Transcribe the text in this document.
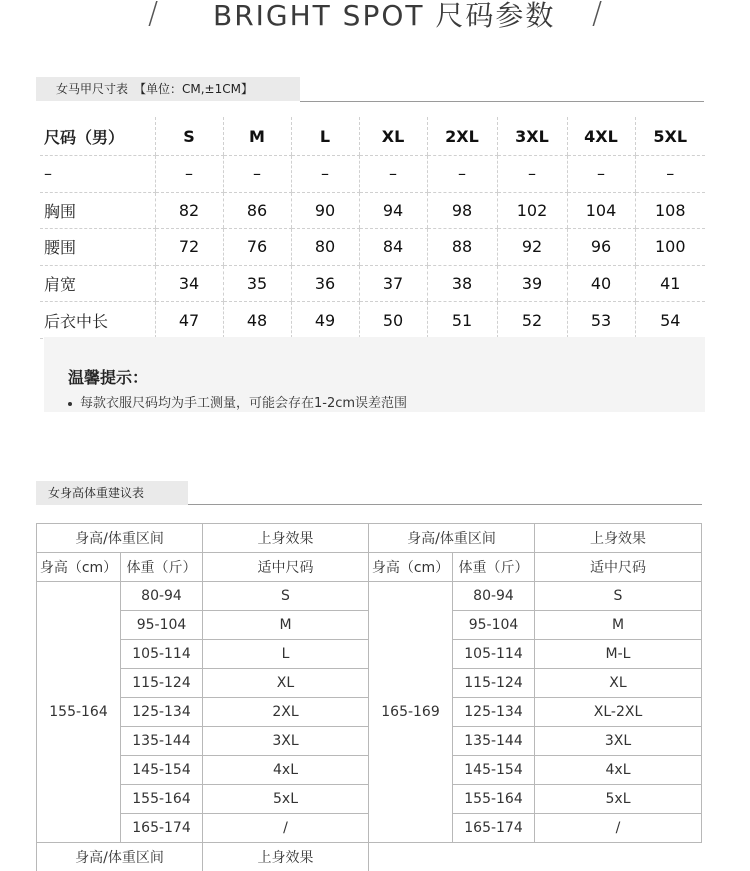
/ BRIGHT SPOT 尺码参数 /
女马甲尺寸表　【单位：CM,±1CM】
尺码（男）	S	M	L	XL	2XL	3XL	4XL	5XL
–	–	–	–	–	–	–	–	–
胸围	82	86	90	94	98	102	104	108
腰围	72	76	80	84	88	92	96	100
肩宽	34	35	36	37	38	39	40	41
后衣中长	47	48	49	50	51	52	53	54
温馨提示：
每款衣服尺码均为手工测量，可能会存在1-2cm误差范围
女身高体重建议表
身高/体重区间		上身效果	身高/体重区间		上身效果
身高（cm）	体重（斤）	适中尺码	身高（cm）	体重（斤）	适中尺码
155-164	80-94	S	165-169	80-94	S
	95-104	M		95-104	M
	105-114	L		105-114	M-L
	115-124	XL		115-124	XL
	125-134	2XL		125-134	XL-2XL
	135-144	3XL		135-144	3XL
	145-154	4xL		145-154	4xL
	155-164	5xL		155-164	5xL
	165-174	/		165-174	/
身高/体重区间		上身效果			
